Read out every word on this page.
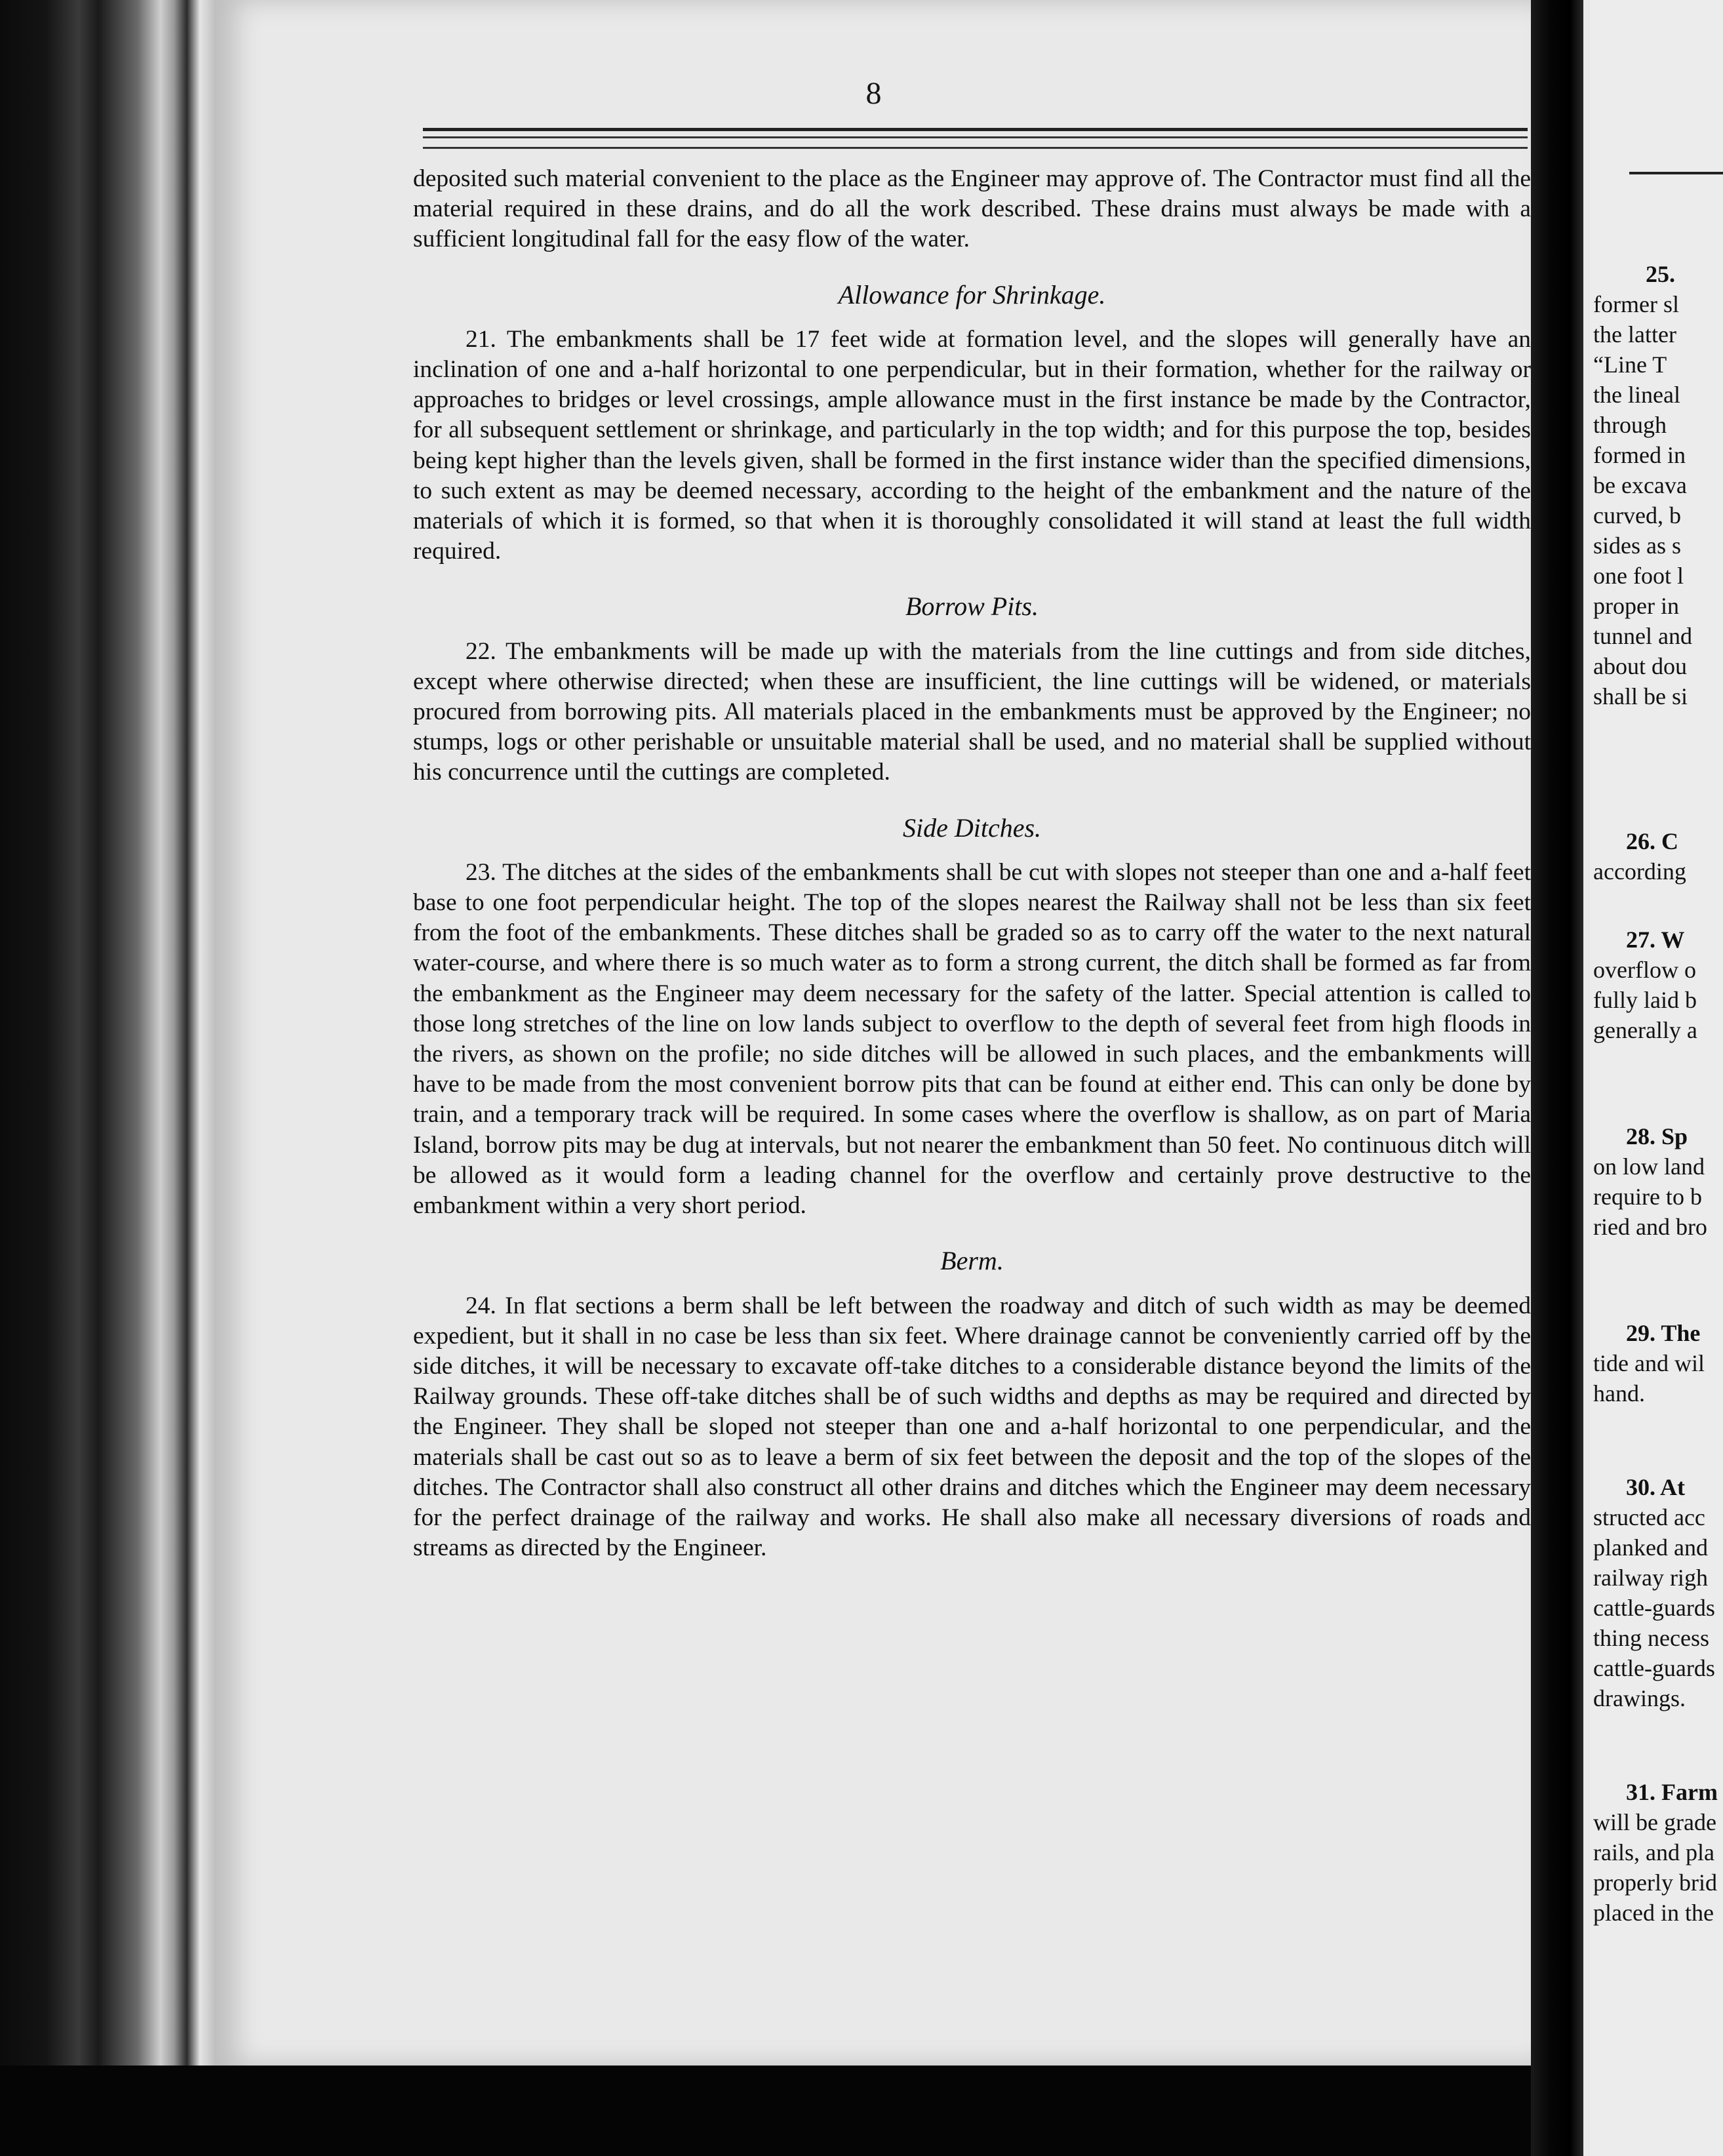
8

deposited such material convenient to the place as the Engineer may approve of. The Contractor must find all the material required in these drains, and do all the work described. These drains must always be made with a sufficient longitudinal fall for the easy flow of the water.

Allowance for Shrinkage.

21. The embankments shall be 17 feet wide at formation level, and the slopes will generally have an inclination of one and a-half horizontal to one perpendicular, but in their formation, whether for the railway or approaches to bridges or level crossings, ample allowance must in the first instance be made by the Contractor, for all subsequent settlement or shrinkage, and particularly in the top width; and for this purpose the top, besides being kept higher than the levels given, shall be formed in the first instance wider than the specified dimensions, to such extent as may be deemed necessary, according to the height of the embankment and the nature of the materials of which it is formed, so that when it is thoroughly consolidated it will stand at least the full width required.

Borrow Pits.

22. The embankments will be made up with the materials from the line cuttings and from side ditches, except where otherwise directed; when these are insufficient, the line cuttings will be widened, or materials procured from borrowing pits. All materials placed in the embankments must be approved by the Engineer; no stumps, logs or other perishable or unsuitable material shall be used, and no material shall be supplied without his concurrence until the cuttings are completed.

Side Ditches.

23. The ditches at the sides of the embankments shall be cut with slopes not steeper than one and a-half feet base to one foot perpendicular height. The top of the slopes nearest the Railway shall not be less than six feet from the foot of the embankments. These ditches shall be graded so as to carry off the water to the next natural water-course, and where there is so much water as to form a strong current, the ditch shall be formed as far from the embankment as the Engineer may deem necessary for the safety of the latter. Special attention is called to those long stretches of the line on low lands subject to overflow to the depth of several feet from high floods in the rivers, as shown on the profile; no side ditches will be allowed in such places, and the embankments will have to be made from the most convenient borrow pits that can be found at either end. This can only be done by train, and a temporary track will be required. In some cases where the overflow is shallow, as on part of Maria Island, borrow pits may be dug at intervals, but not nearer the embankment than 50 feet. No continuous ditch will be allowed as it would form a leading channel for the overflow and certainly prove destructive to the embankment within a very short period.

Berm.

24. In flat sections a berm shall be left between the roadway and ditch of such width as may be deemed expedient, but it shall in no case be less than six feet. Where drainage cannot be conveniently carried off by the side ditches, it will be necessary to excavate off-take ditches to a considerable distance beyond the limits of the Railway grounds. These off-take ditches shall be of such widths and depths as may be required and directed by the Engineer. They shall be sloped not steeper than one and a-half horizontal to one perpendicular, and the materials shall be cast out so as to leave a berm of six feet between the deposit and the top of the slopes of the ditches. The Contractor shall also construct all other drains and ditches which the Engineer may deem necessary for the perfect drainage of the railway and works. He shall also make all necessary diversions of roads and streams as directed by the Engineer.

25.
former sl
the latter
“Line T
the lineal
through
formed in
be excava
curved, b
sides as s
one foot l
proper in
tunnel and
about dou
shall be si
26. C
according
27. W
overflow o
fully laid b
generally a
28. Sp
on low land
require to b
ried and bro
29. The
tide and wil
hand.
30. At
structed acc
planked and
railway righ
cattle-guards
thing necess
cattle-guards
drawings.
31. Farm
will be grade
rails, and pla
properly brid
placed in the
